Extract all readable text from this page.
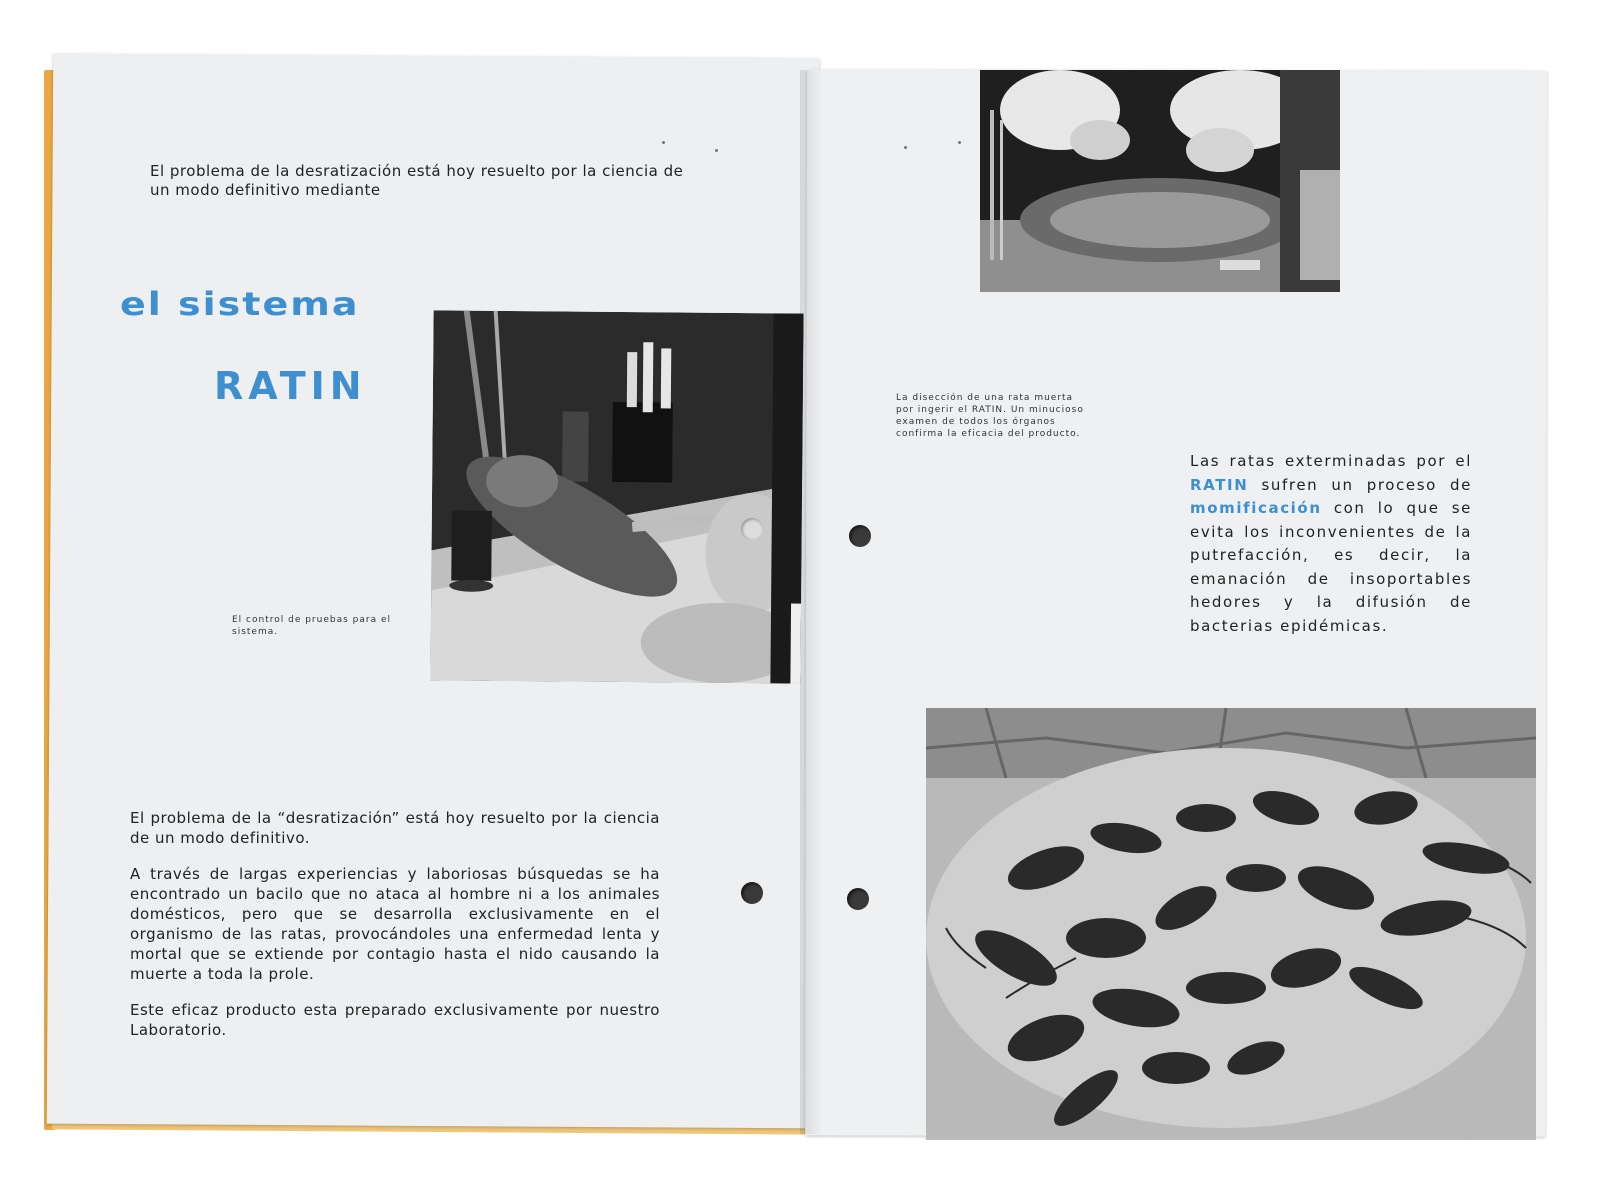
El problema de la desratización está hoy resuelto por la ciencia de un modo definitivo mediante

el sistema
RATIN

El control de pruebas para el sistema.

El problema de la “desratización” está hoy resuelto por la ciencia de un modo definitivo.

A través de largas experiencias y laboriosas búsquedas se ha encontrado un bacilo que no ataca al hombre ni a los animales domésticos, pero que se desarrolla exclusivamente en el organismo de las ratas, provocándoles una enfermedad lenta y mortal que se extiende por contagio hasta el nido causando la muerte a toda la prole.

Este eficaz producto esta preparado exclusivamente por nuestro Laboratorio.

La disección de una rata muerta por ingerir el RATIN. Un minucioso examen de todos los órganos confirma la eficacia del producto.

Las ratas exterminadas por el RATIN sufren un proceso de momificación con lo que se evita los inconvenientes de la putrefacción, es decir, la emanación de insoportables hedores y la difusión de bacterias epidémicas.
